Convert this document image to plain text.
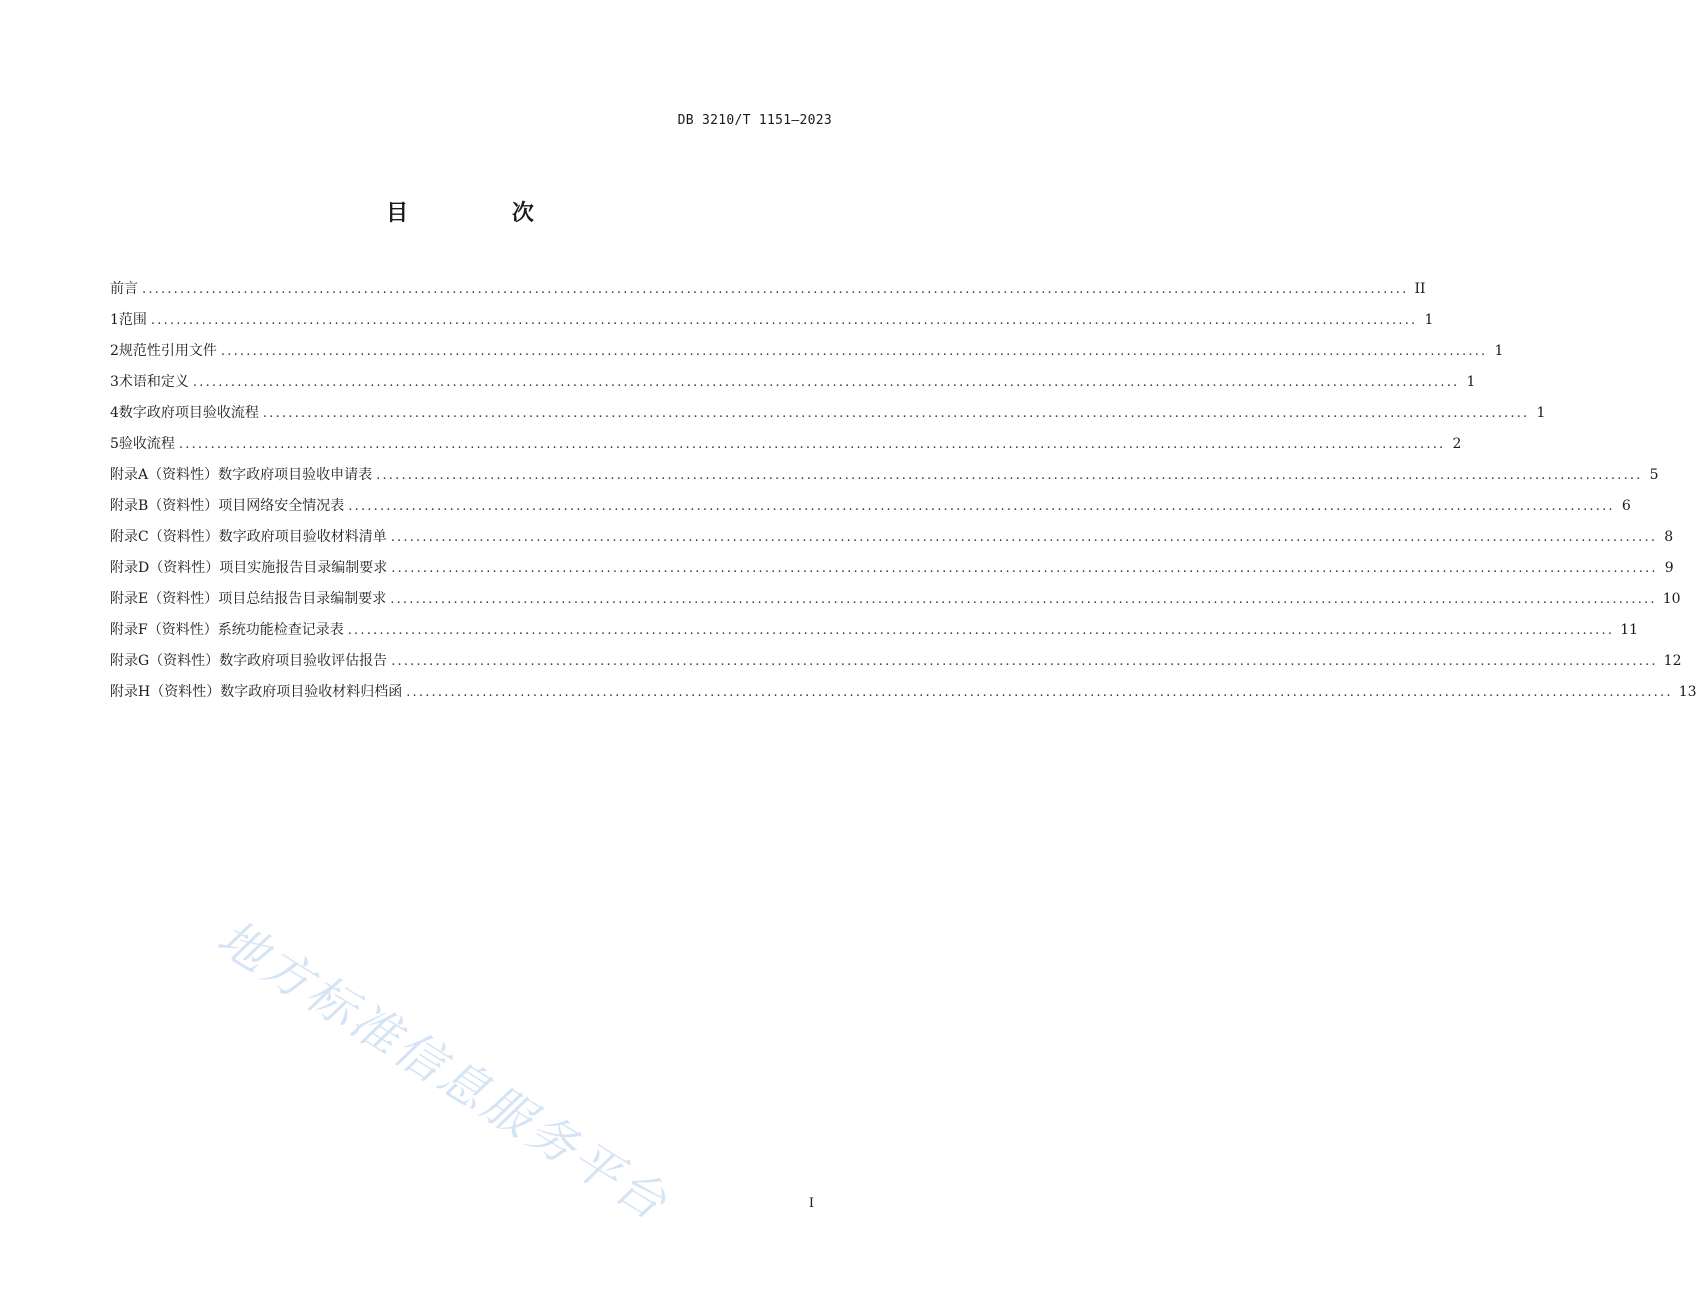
DB 3210/T 1151—2023
目 次
前言 ........................................................................................................................................................................................................ II
1 范围 ........................................................................................................................................................................................................ 1
2 规范性引用文件 ........................................................................................................................................................................................................ 1
3 术语和定义 ........................................................................................................................................................................................................ 1
4 数字政府项目验收流程 ........................................................................................................................................................................................................ 1
5 验收流程 ........................................................................................................................................................................................................ 2
附录A（资料性） 数字政府项目验收申请表 ........................................................................................................................................................................................................ 5
附录B（资料性） 项目网络安全情况表 ........................................................................................................................................................................................................ 6
附录C（资料性） 数字政府项目验收材料清单 ........................................................................................................................................................................................................ 8
附录D（资料性） 项目实施报告目录编制要求 ........................................................................................................................................................................................................ 9
附录E（资料性） 项目总结报告目录编制要求 ........................................................................................................................................................................................................ 10
附录F（资料性） 系统功能检查记录表 ........................................................................................................................................................................................................ 11
附录G（资料性） 数字政府项目验收评估报告 ........................................................................................................................................................................................................ 12
附录H（资料性） 数字政府项目验收材料归档函 ........................................................................................................................................................................................................ 13
地方标准信息服务平台	I
